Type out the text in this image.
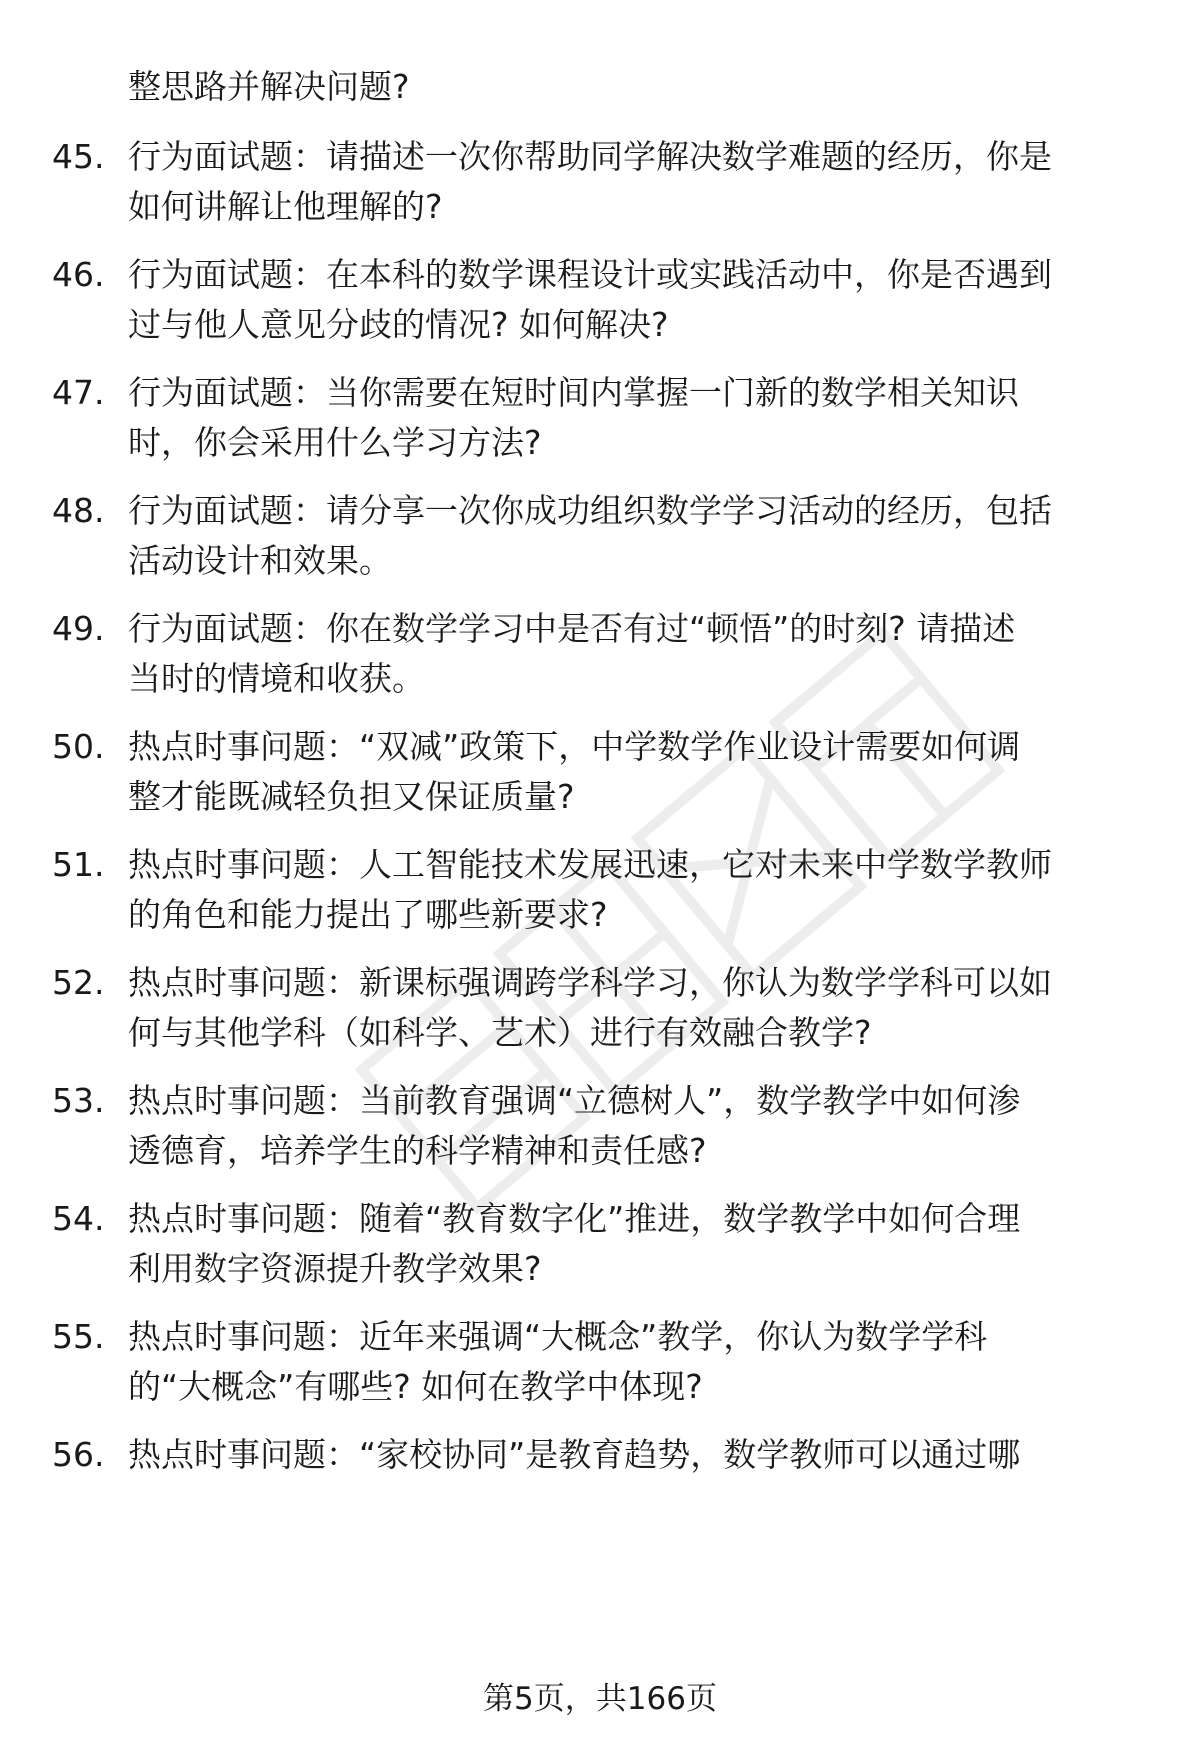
整思路并解决问题?
45. 行为面试题：请描述一次你帮助同学解决数学难题的经历，你是
如何讲解让他理解的?
46. 行为面试题：在本科的数学课程设计或实践活动中，你是否遇到
过与他人意见分歧的情况? 如何解决?
47. 行为面试题：当你需要在短时间内掌握一门新的数学相关知识
时，你会采用什么学习方法?
48. 行为面试题：请分享一次你成功组织数学学习活动的经历，包括
活动设计和效果。
49. 行为面试题：你在数学学习中是否有过“顿悟”的时刻? 请描述
当时的情境和收获。
50. 热点时事问题：“双减”政策下，中学数学作业设计需要如何调
整才能既减轻负担又保证质量?
51. 热点时事问题：人工智能技术发展迅速，它对未来中学数学教师
的角色和能力提出了哪些新要求?
52. 热点时事问题：新课标强调跨学科学习，你认为数学学科可以如
何与其他学科（如科学、艺术）进行有效融合教学?
53. 热点时事问题：当前教育强调“立德树人”，数学教学中如何渗
透德育，培养学生的科学精神和责任感?
54. 热点时事问题：随着“教育数字化”推进，数学教学中如何合理
利用数字资源提升教学效果?
55. 热点时事问题：近年来强调“大概念”教学，你认为数学学科
的“大概念”有哪些? 如何在教学中体现?
56. 热点时事问题：“家校协同”是教育趋势，数学教师可以通过哪
第5页，共166页
